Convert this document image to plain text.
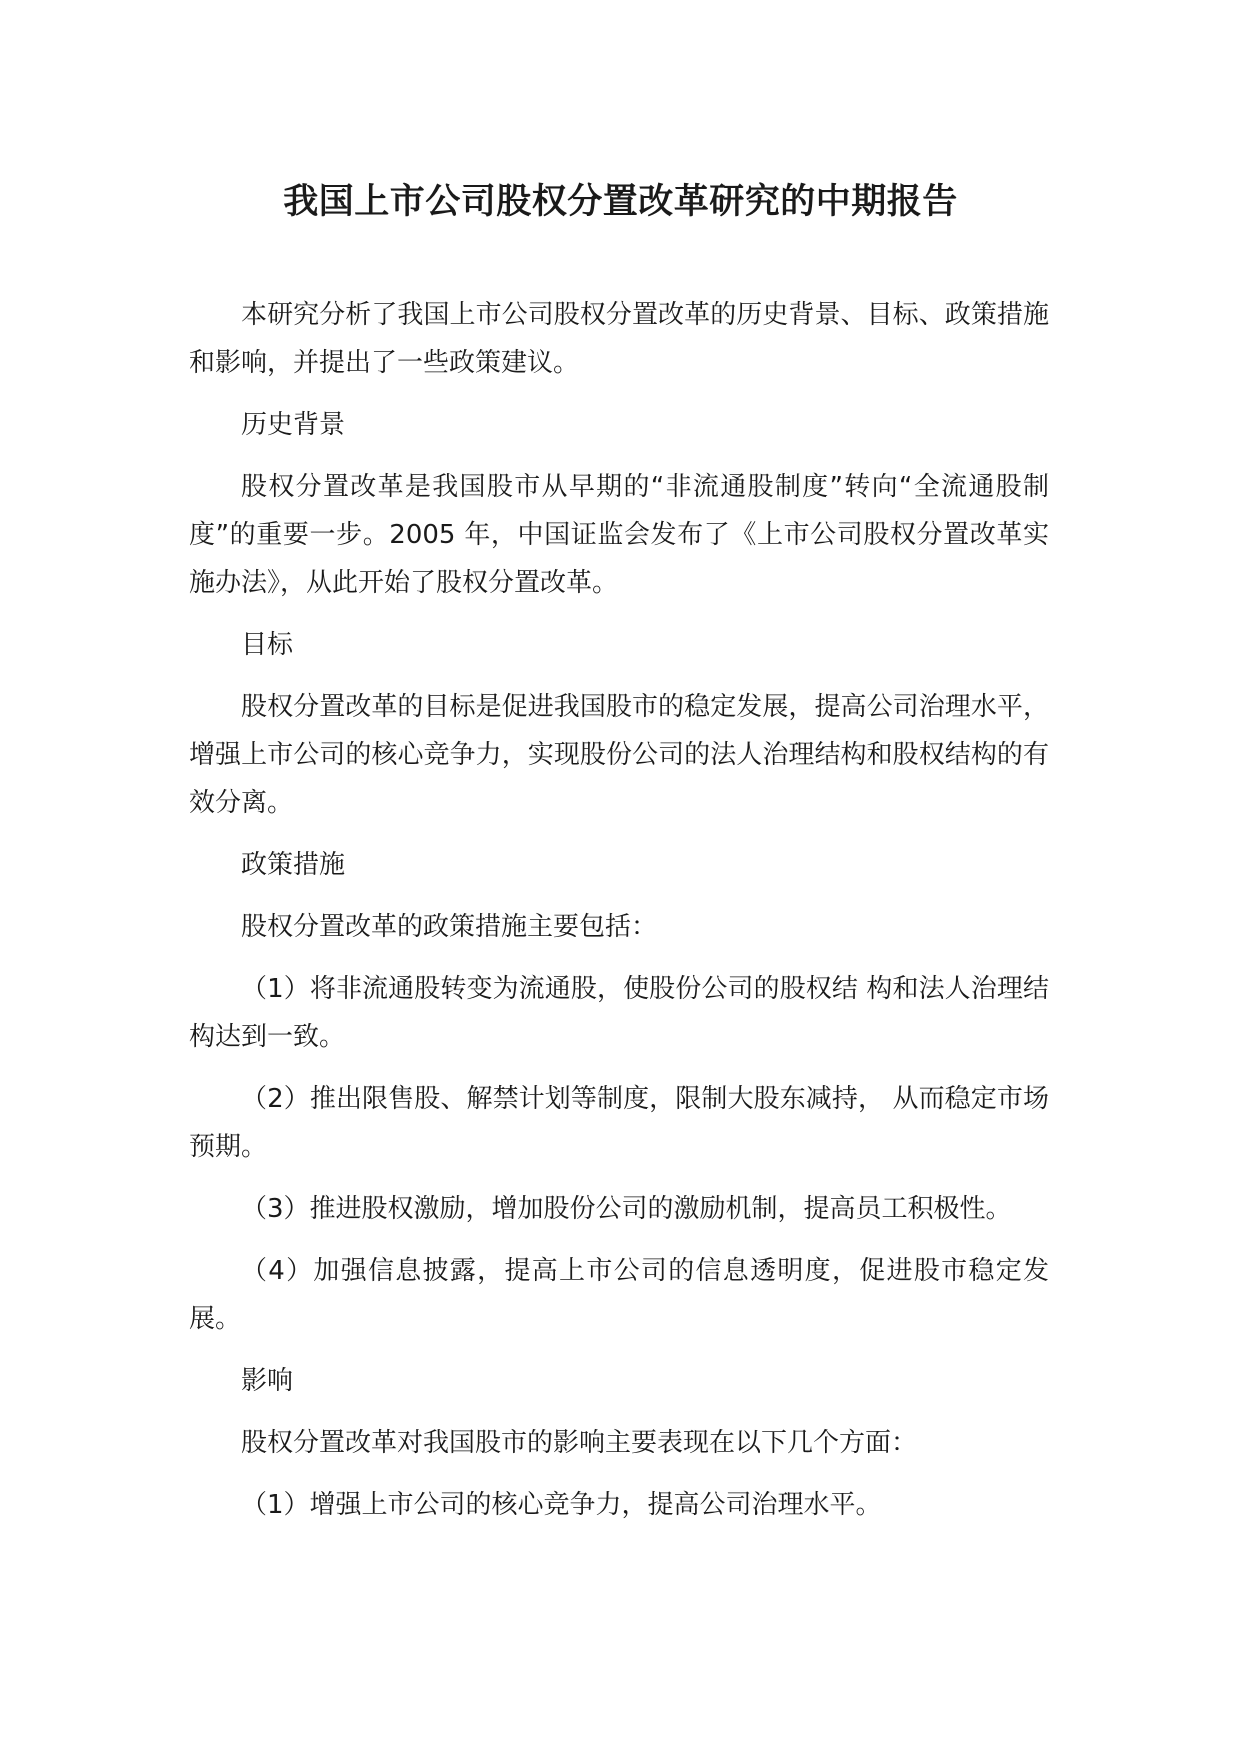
我国上市公司股权分置改革研究的中期报告

本研究分析了我国上市公司股权分置改革的历史背景、目标、政策措施和影响，并提出了一些政策建议。

历史背景

股权分置改革是我国股市从早期的“非流通股制度”转向“全流通股制度”的重要一步。2005 年，中国证监会发布了《上市公司股权分置改革实施办法》，从此开始了股权分置改革。

目标

股权分置改革的目标是促进我国股市的稳定发展，提高公司治理水平，增强上市公司的核心竞争力，实现股份公司的法人治理结构和股权结构的有效分离。

政策措施

股权分置改革的政策措施主要包括：

（1）将非流通股转变为流通股，使股份公司的股权结 构和法人治理结构达到一致。

（2）推出限售股、解禁计划等制度，限制大股东减持， 从而稳定市场预期。

（3）推进股权激励，增加股份公司的激励机制，提高员工积极性。

（4）加强信息披露，提高上市公司的信息透明度，促进股市稳定发展。

影响

股权分置改革对我国股市的影响主要表现在以下几个方面：

（1）增强上市公司的核心竞争力，提高公司治理水平。
